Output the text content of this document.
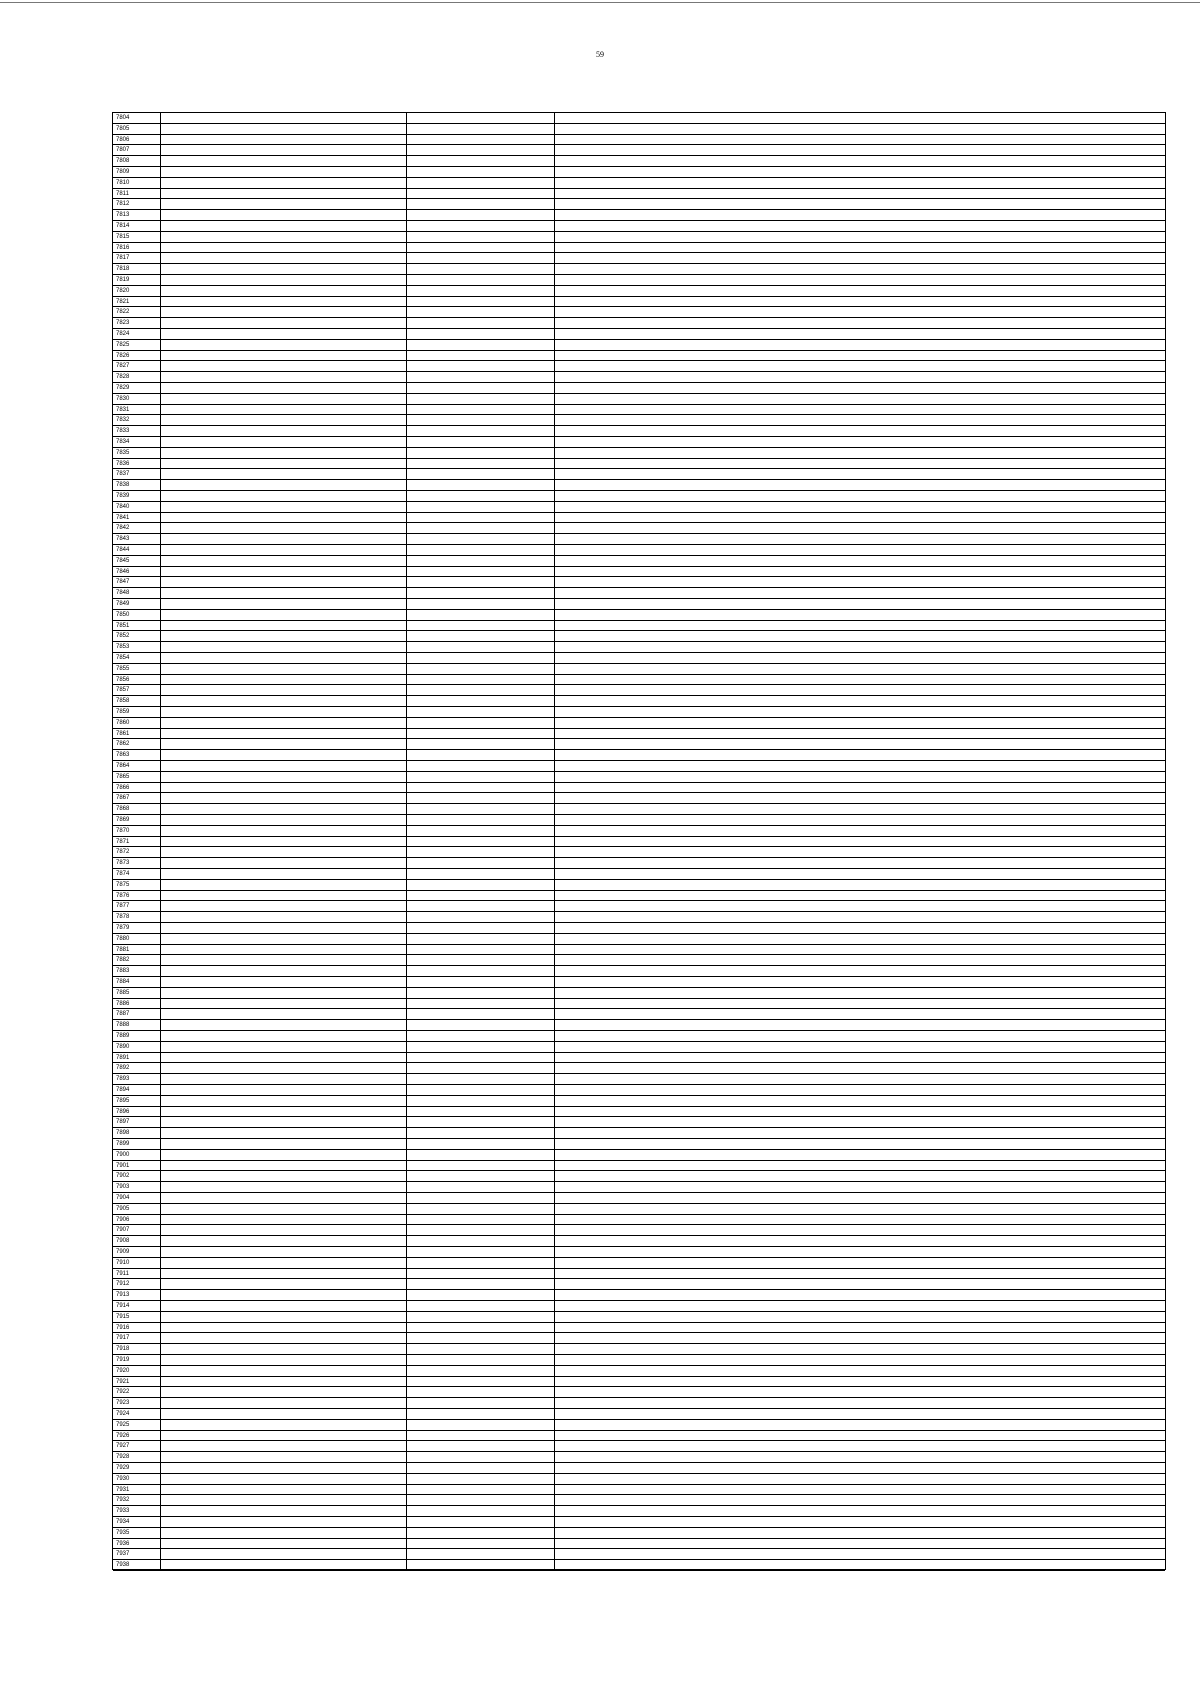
59
7804
7805
7806
7807
7808
7809
7810
7811
7812
7813
7814
7815
7816
7817
7818
7819
7820
7821
7822
7823
7824
7825
7826
7827
7828
7829
7830
7831
7832
7833
7834
7835
7836
7837
7838
7839
7840
7841
7842
7843
7844
7845
7846
7847
7848
7849
7850
7851
7852
7853
7854
7855
7856
7857
7858
7859
7860
7861
7862
7863
7864
7865
7866
7867
7868
7869
7870
7871
7872
7873
7874
7875
7876
7877
7878
7879
7880
7881
7882
7883
7884
7885
7886
7887
7888
7889
7890
7891
7892
7893
7894
7895
7896
7897
7898
7899
7900
7901
7902
7903
7904
7905
7906
7907
7908
7909
7910
7911
7912
7913
7914
7915
7916
7917
7918
7919
7920
7921
7922
7923
7924
7925
7926
7927
7928
7929
7930
7931
7932
7933
7934
7935
7936
7937
7938
